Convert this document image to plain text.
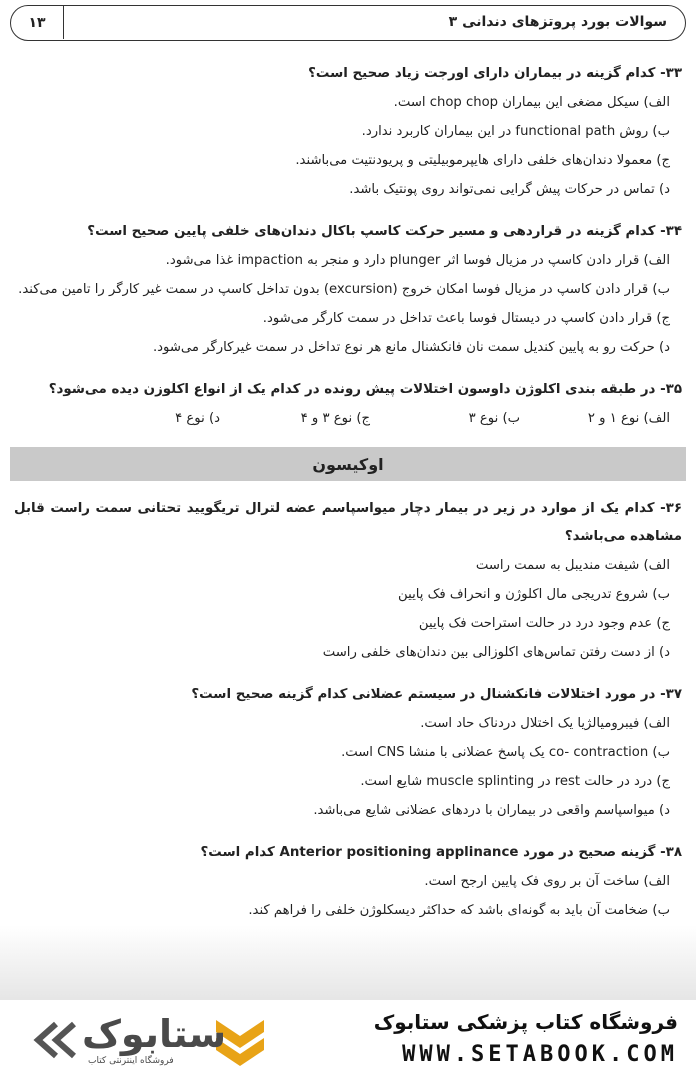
سوالات بورد پروتزهای دندانی ۳
۱۳
۳۳- کدام گزینه در بیماران دارای اورجت زیاد صحیح است؟
الف) سیکل مضغی این بیماران chop chop است.
ب) روش functional path در این بیماران کاربرد ندارد.
ج) معمولا دندان‌های خلفی دارای هایپرموبیلیتی و پریودنتیت می‌باشند.
د) تماس در حرکات پیش گرایی نمی‌تواند روی پونتیک باشد.
۳۴- کدام گزینه در قراردهی و مسیر حرکت کاسپ باکال دندان‌های خلفی پایین صحیح است؟
الف) قرار دادن کاسپ در مزیال فوسا اثر plunger دارد و منجر به impaction غذا می‌شود.
ب) قرار دادن کاسپ در مزیال فوسا امکان خروج (excursion) بدون تداخل کاسپ در سمت غیر کارگر را تامین می‌کند.
ج) قرار دادن کاسپ در دیستال فوسا باعث تداخل در سمت کارگر می‌شود.
د) حرکت رو به پایین کندیل سمت نان فانکشنال مانع هر نوع تداخل در سمت غیرکارگر می‌شود.
۳۵- در طبقه بندی اکلوژن داوسون اختلالات پیش رونده در کدام یک از انواع اکلوزن دیده می‌شود؟
الف) نوع ۱ و ۲
ب) نوع ۳
ج) نوع ۳ و ۴
د) نوع ۴
اوکیسون
۳۶- کدام یک از موارد در زیر در بیمار دچار میواسپاسم عضه لترال تریگویید تحتانی سمت راست قابل مشاهده می‌باشد؟
الف) شیفت مندیبل به سمت راست
ب) شروع تدریجی مال اکلوژن و انحراف فک پایین
ج) عدم وجود درد در حالت استراحت فک پایین
د) از دست رفتن تماس‌های اکلوزالی بین دندان‌های خلفی راست
۳۷- در مورد اختلالات فانکشنال در سیستم عضلانی کدام گزینه صحیح است؟
الف) فیبرومیالژیا یک اختلال دردناک حاد است.
ب) co- contraction یک پاسخ عضلانی با منشا CNS است.
ج) درد در حالت rest در muscle splinting شایع است.
د) میواسپاسم واقعی در بیماران با دردهای عضلانی شایع می‌باشد.
۳۸- گزینه صحیح در مورد Anterior positioning applinance کدام است؟
الف) ساخت آن بر روی فک پایین ارجح است.
ب) ضخامت آن باید به گونه‌ای باشد که حداکثر دیسکلوژن خلفی را فراهم کند.
فروشگاه کتاب پزشکی ستابوک
WWW.SETABOOK.COM
ستابوک
فروشگاه اینترنتی کتاب
